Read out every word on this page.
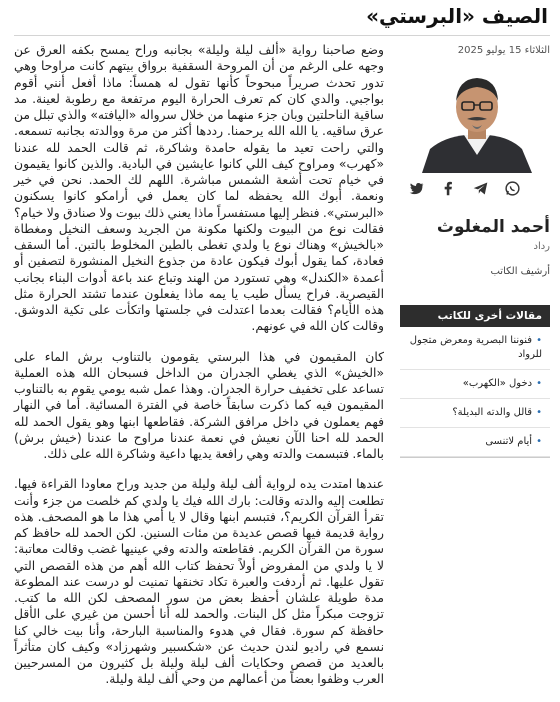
الصيف «البرستي»
الثلاثاء 15 يوليو 2025
أحمد المغلوث
رداد
أرشيف الكاتب
مقالات أخرى للكاتب
•فنوننا البصرية ومعرض متجول للرواد
•دخول «الكهرب»
•قالل والدته البديلة؟
•أيام لاتنسى

وضع صاحبنا رواية «ألف ليلة وليلة» بجانبه وراح يمسح بكفه العرق عن وجهه على الرغم من أن المروحة السقفية برواق بيتهم كانت مراوحا وهي تدور تحدث صريراً مبحوحاً كأنها تقول له همساً: ماذا أفعل أنني أقوم بواجبي. والدي كان كم تعرف الحرارة اليوم مرتفعة مع رطوبة لعينة. مد ساقية الناحلتين وبان جزء منهما من خلال سرواله «اليافته» والذي تبلل من عرق ساقيه. يا الله الله يرحمنا. رددها أكثر من مرة ووالدته بجانبه تسمعه. والتي راحت تعيد ما يقوله حامدة وشاكرة، ثم قالت الحمد لله عندنا «كهرب» ومراوح كيف اللي كانوا عايشين في البادية. والذين كانوا يقيمون في خيام تحت أشعة الشمس مباشرة. اللهم لك الحمد. نحن في خير ونعمة. أبوك الله يحفظه لما كان يعمل في أرامكو كانوا يسكنون «البرستي». فنظر إليها مستفسراً ماذا يعني ذلك بيوت ولا صنادق ولا خيام؟ فقالت نوع من البيوت ولكنها مكونة من الجريد وسعف النخيل ومغطاة «بالخيش» وهناك نوع يا ولدي تغطى بالطين المخلوط بالتبن. أما السقف فعادة، كما يقول أبوك فيكون عادة من جذوع النخيل المنشورة لتصفين أو أعمدة «الكندل» وهي تستورد من الهند وتباع عند باعة أدوات البناء بجانب القيصرية. فراح يسأل طيب يا يمه ماذا يفعلون عندما تشتد الحرارة مثل هذه الأيام؟ فقالت بعدما اعتدلت في جلستها واتكأت على تكية الدوشق. وقالت كان الله في عونهم.

كان المقيمون في هذا البرستي يقومون بالتناوب برش الماء على «الخيش» الذي يغطي الجدران من الداخل فسبحان الله هذه العملية تساعد على تخفيف حرارة الجدران. وهذا عمل شبه يومي يقوم به بالتناوب المقيمون فيه كما ذكرت سابقاً خاصة في الفترة المسائية. أما في النهار فهم يعملون في داخل مرافق الشركة. فقاطعها ابنها وهو يقول الحمد لله الحمد لله احنا الآن نعيش في نعمة عندنا مراوح ما عندنا (خيش برش) بالماء. فتبسمت والدته وهي رافعة يديها داعية وشاكرة الله على ذلك.

عندها امتدت يده لرواية ألف ليلة وليلة من جديد وراح معاودا القراءة فيها. تطلعت إليه والدته وقالت: بارك الله فيك يا ولدي كم خلصت من جزء وأنت تقرأ القرآن الكريم؟، فتبسم ابنها وقال لا يا أمي هذا ما هو المصحف. هذه رواية قديمة فيها قصص عديدة من مئات السنين. لكن الحمد لله حافظ كم سورة من القرآن الكريم. فقاطعته والدته وفي عينيها غضب وقالت معاتبة: لا يا ولدي من المفروض أولاً تحفظ كتاب الله أهم من هذه القصص التي تقول عليها. ثم أردفت والعبرة تكاد تخنقها تمنيت لو درست عند المطوعة مدة طويلة علشان أحفظ بعض من سور المصحف لكن الله ما كتب. تزوجت مبكراً مثل كل البنات. والحمد لله أنا أحسن من غيري على الأقل حافظة كم سورة. فقال في هدوء والمناسبة البارحة، وأنا بيت خالي كنا نسمع في راديو لندن حديث عن «شكسبير وشهرزاد» وكيف كان متأثراً بالعديد من قصص وحكايات ألف ليلة وليلة بل كثيرون من المسرحيين العرب وظفوا بعضاً من أعمالهم من وحي ألف ليلة وليلة.
